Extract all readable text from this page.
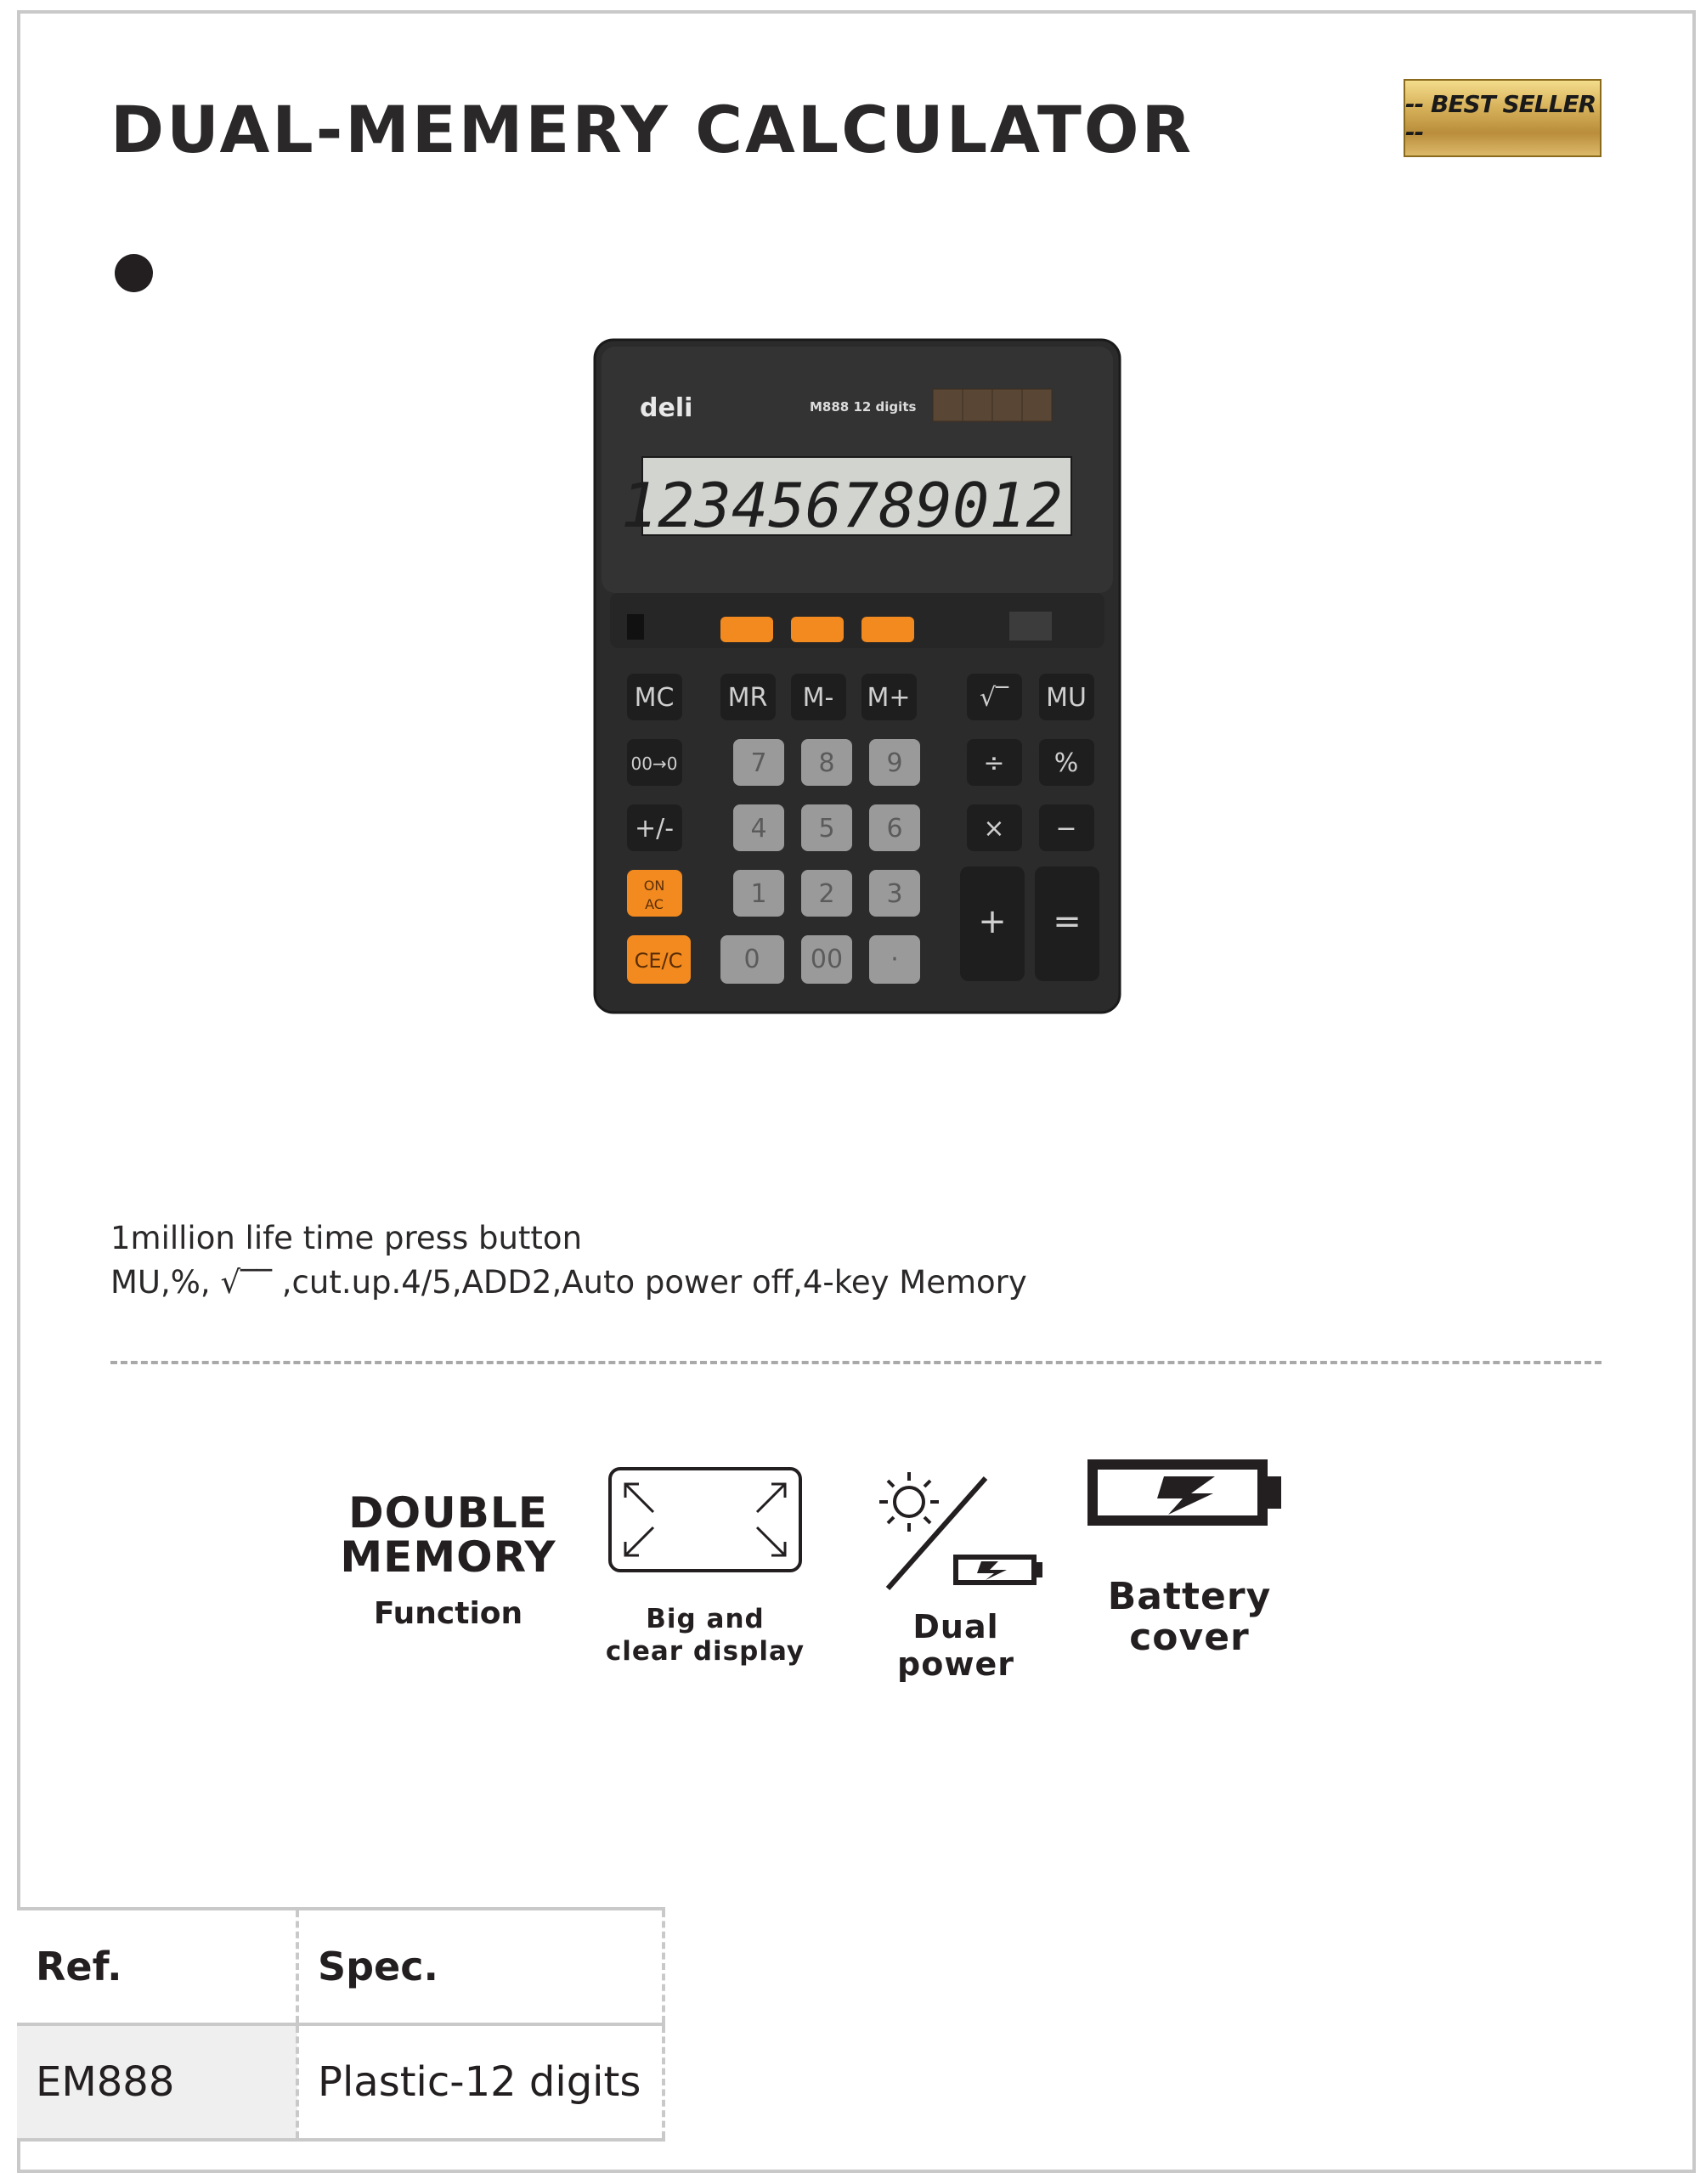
DUAL-MEMERY CALCULATOR	-- BEST SELLER --
deli	M888 12 digits
123456789012
MC MR M- M+	√‾ MU
00→0	7 8 9	÷ %
+/-	4 5 6	× −
ON
AC	1 2 3
+ =
CE/C 0 00 ·
1million life time press button
MU,%, √‾‾ ,cut.up.4/5,ADD2,Auto power off,4-key Memory
DOUBLE
MEMORY
Function	Big and
clear display
Dual power
Battery
cover
Ref.	Spec.
EM888	Plastic-12 digits
